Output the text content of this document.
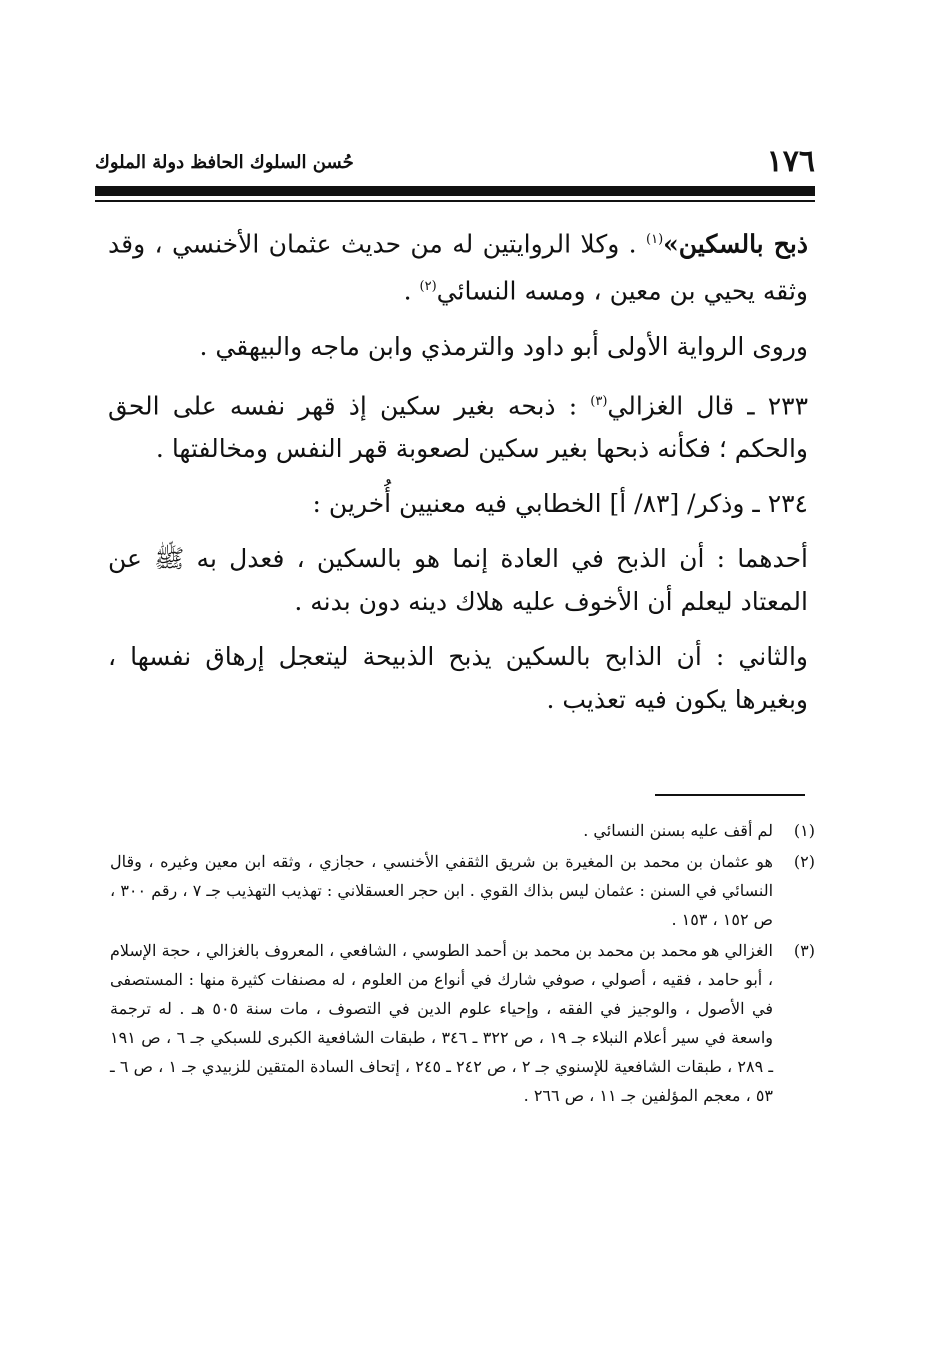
١٧٦
حُسن السلوك الحافظ دولة الملوك

ذبح بالسكين»$^{(١)}$ . وكلا الروايتين له من حديث عثمان الأخنسي ، وقد وثقه يحيي بن معين ، ومسه النسائي$^{(٢)}$ .

وروى الرواية الأولى أبو داود والترمذي وابن ماجه والبيهقي .

٢٣٣ ـ قال الغزالي$^{(٣)}$ : ذبحه بغير سكين إذ قهر نفسه على الحق والحكم ؛ فكأنه ذبحها بغير سكين لصعوبة قهر النفس ومخالفتها .

٢٣٤ ـ وذكر/ [٨٣/ أ] الخطابي فيه معنيين أُخرين :

أحدهما : أن الذبح في العادة إنما هو بالسكين ، فعدل به ﷺ عن المعتاد ليعلم أن الأخوف عليه هلاك دينه دون بدنه .

والثاني : أن الذابح بالسكين يذبح الذبيحة ليتعجل إرهاق نفسها ، وبغيرها يكون فيه تعذيب .

(١)
لم أقف عليه بسنن النسائي .
(٢)
هو عثمان بن محمد بن المغيرة بن شريق الثقفي الأخنسي ، حجازي ، وثقه ابن معين وغيره ، وقال النسائي في السنن : عثمان ليس بذاك القوي . ابن حجر العسقلاني : تهذيب التهذيب جـ ٧ ، رقم ٣٠٠ ، ص ١٥٢ ، ١٥٣ .
(٣)
الغزالي هو محمد بن محمد بن محمد بن أحمد الطوسي ، الشافعي ، المعروف بالغزالي ، حجة الإسلام ، أبو حامد ، فقيه ، أصولي ، صوفي شارك في أنواع من العلوم ، له مصنفات كثيرة منها : المستصفى في الأصول ، والوجيز في الفقه ، وإحياء علوم الدين في التصوف ، مات سنة ٥٠٥ هـ . له ترجمة واسعة في سير أعلام النبلاء جـ ١٩ ، ص ٣٢٢ ـ ٣٤٦ ، طبقات الشافعية الكبرى للسبكي جـ ٦ ، ص ١٩١ ـ ٢٨٩ ، طبقات الشافعية للإسنوي جـ ٢ ، ص ٢٤٢ ـ ٢٤٥ ، إتحاف السادة المتقين للزبيدي جـ ١ ، ص ٦ ـ ٥٣ ، معجم المؤلفين جـ ١١ ، ص ٢٦٦ .
